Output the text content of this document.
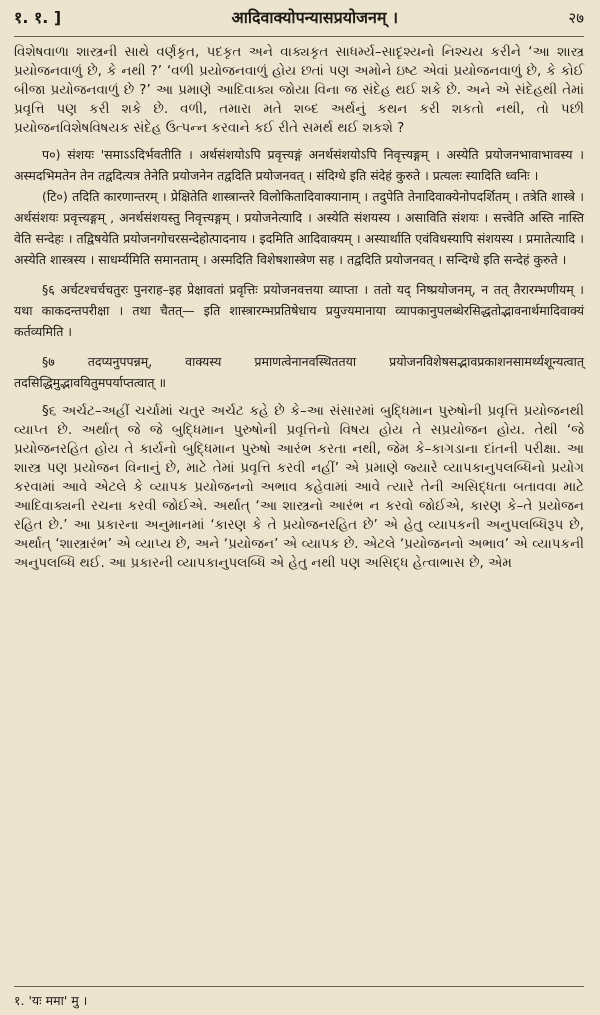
१. १. ]	आदिवाक्योपन्यासप्रयोजनम् ।	२७

વિશેષવાળા શાસ્ત્રની સાથે વર્ણકૃત, પદકૃત અને વાક્યકૃત સાધર્મ્ય–સાદૃશ્યનો નિશ્ચય કરીને ‘આ શાસ્ત્ર પ્રયોજનવાળું છે, કે નથી ?’ ‘વળી પ્રયોજનવાળું હોય છતાં પણ અમોને ઇષ્ટ એવાં પ્રયોજનવાળું છે, કે કોઈ બીજા પ્રયોજનવાળું છે ?’ આ પ્રમાણે આદિવાક્ય જોયા વિના જ સંદેહ થઈ શકે છે. અને એ સંદેહથી તેમાં પ્રવૃત્તિ પણ કરી શકે છે. વળી, તમારા મતે શબ્દ અર્થનું કથન કરી શકતો નથી, તો પછી પ્રયોજનવિશેષવિષયક સંદેહ ઉત્પન્ન કરવાને કઈ રીતે સમર્થ થઈ શકશે ?

प०) संशयः 'समाऽऽदिर्भवतीति । अर्थसंशयोऽपि प्रवृत्त्यङ्गं अनर्थसंशयोऽपि निवृत्त्यङ्गम् । अस्येति प्रयोजनभावाभावस्य । अस्मदभिमतेन तेन तद्वदित्यत्र तेनेति प्रयोजनेन तद्वदिति प्रयोजनवत् । संदिग्धे इति संदेहं कुरुते । प्रत्यलः स्यादिति ध्वनिः ।

(टि०) तदिति कारणान्तरम् । प्रेक्षितेति शास्त्रान्तरे विलोकितादिवाक्यानाम् । तदुपेति तेनादिवाक्येनोपदर्शितम् । तत्रेति शास्त्रे । अर्थसंशयः प्रवृत्त्यङ्गम् , अनर्थसंशयस्तु निवृत्त्यङ्गम् । प्रयोजनेत्यादि । अस्येति संशयस्य । असाविति संशयः । सत्त्वेति अस्ति नास्ति वेति सन्देहः । तद्विषयेति प्रयोजनगोचरसन्देहोत्पादनाय । इदमिति आदिवाक्यम् । अस्यार्थाति एवंविधस्यापि संशयस्य । प्रमातेत्यादि । अस्येति शास्त्रस्य । साधर्म्यमिति समानताम् । अस्मदिति विशेषशास्त्रेण सह । तद्वदिति प्रयोजनवत् । सन्दिग्धे इति सन्देहं कुरुते ।

§६ अर्चटश्चर्चचतुरः पुनराह–इह प्रेक्षावतां प्रवृत्तिः प्रयोजनवत्तया व्याप्ता । ततो यद् निष्प्रयोजनम्, न तत् तैरारम्भणीयम् । यथा काकदन्तपरीक्षा । तथा चैतत्— इति शास्त्रारम्भप्रतिषेधाय प्रयुज्यमानाया व्यापकानुपलब्धेरसिद्धतोद्भावनार्थमादिवाक्यं कर्तव्यमिति ।

§७ तदप्यनुपपन्नम्, वाक्यस्य प्रमाणत्वेनानवस्थिततया प्रयोजनविशेषसद्भावप्रकाशनसामर्थ्यशून्यत्वात् तदसिद्धिमुद्भावयितुमपर्याप्तत्वात् ॥

§૬ અર્ચટ–અહીં ચર્ચામાં ચતુર અર્ચટ કહે છે કે–આ સંસારમાં બુદ્ધિમાન પુરુષોની પ્રવૃત્તિ પ્રયોજનથી વ્યાપ્ત છે. અર્થાત્ જે જે બુદ્ધિમાન પુરુષોની પ્રવૃત્તિનો વિષય હોય તે સપ્રયોજન હોય. તેથી ‘જે પ્રયોજનરહિત હોય તે કાર્યનો બુદ્ધિમાન પુરુષો આરંભ કરતા નથી, જેમ કે–કાગડાના દાંતની પરીક્ષા. આ શાસ્ત્ર પણ પ્રયોજન વિનાનું છે, માટે તેમાં પ્રવૃત્તિ કરવી નહીં’ એ પ્રમાણે જ્યારે વ્યાપકાનુપલબ્ધિનો પ્રયોગ કરવામાં આવે એટલે કે વ્યાપક પ્રયોજનનો અભાવ કહેવામાં આવે ત્યારે તેની અસિદ્ધતા બતાવવા માટે આદિવાક્યની રચના કરવી જોઈએ. અર્થાત્ ‘આ શાસ્ત્રનો આરંભ ન કરવો જોઈએ, કારણ કે–તે પ્રયોજન રહિત છે.’ આ પ્રકારના અનુમાનમાં ‘કારણ કે તે પ્રયોજનરહિત છે’ એ હેતુ વ્યાપકની અનુપલબ્ધિરૂપ છે, અર્થાત્ ‘શાસ્ત્રારંભ’ એ વ્યાપ્ય છે, અને ‘પ્રયોજન’ એ વ્યાપક છે. એટલે ‘પ્રયોજનનો અભાવ’ એ વ્યાપકની અનુપલબ્ધિ થઈ. આ પ્રકારની વ્યાપકાનુપલબ્ધિ એ હેતુ નથી પણ અસિદ્ધ હેત્વાભાસ છે, એમ

१. 'यः ममा' मु ।
